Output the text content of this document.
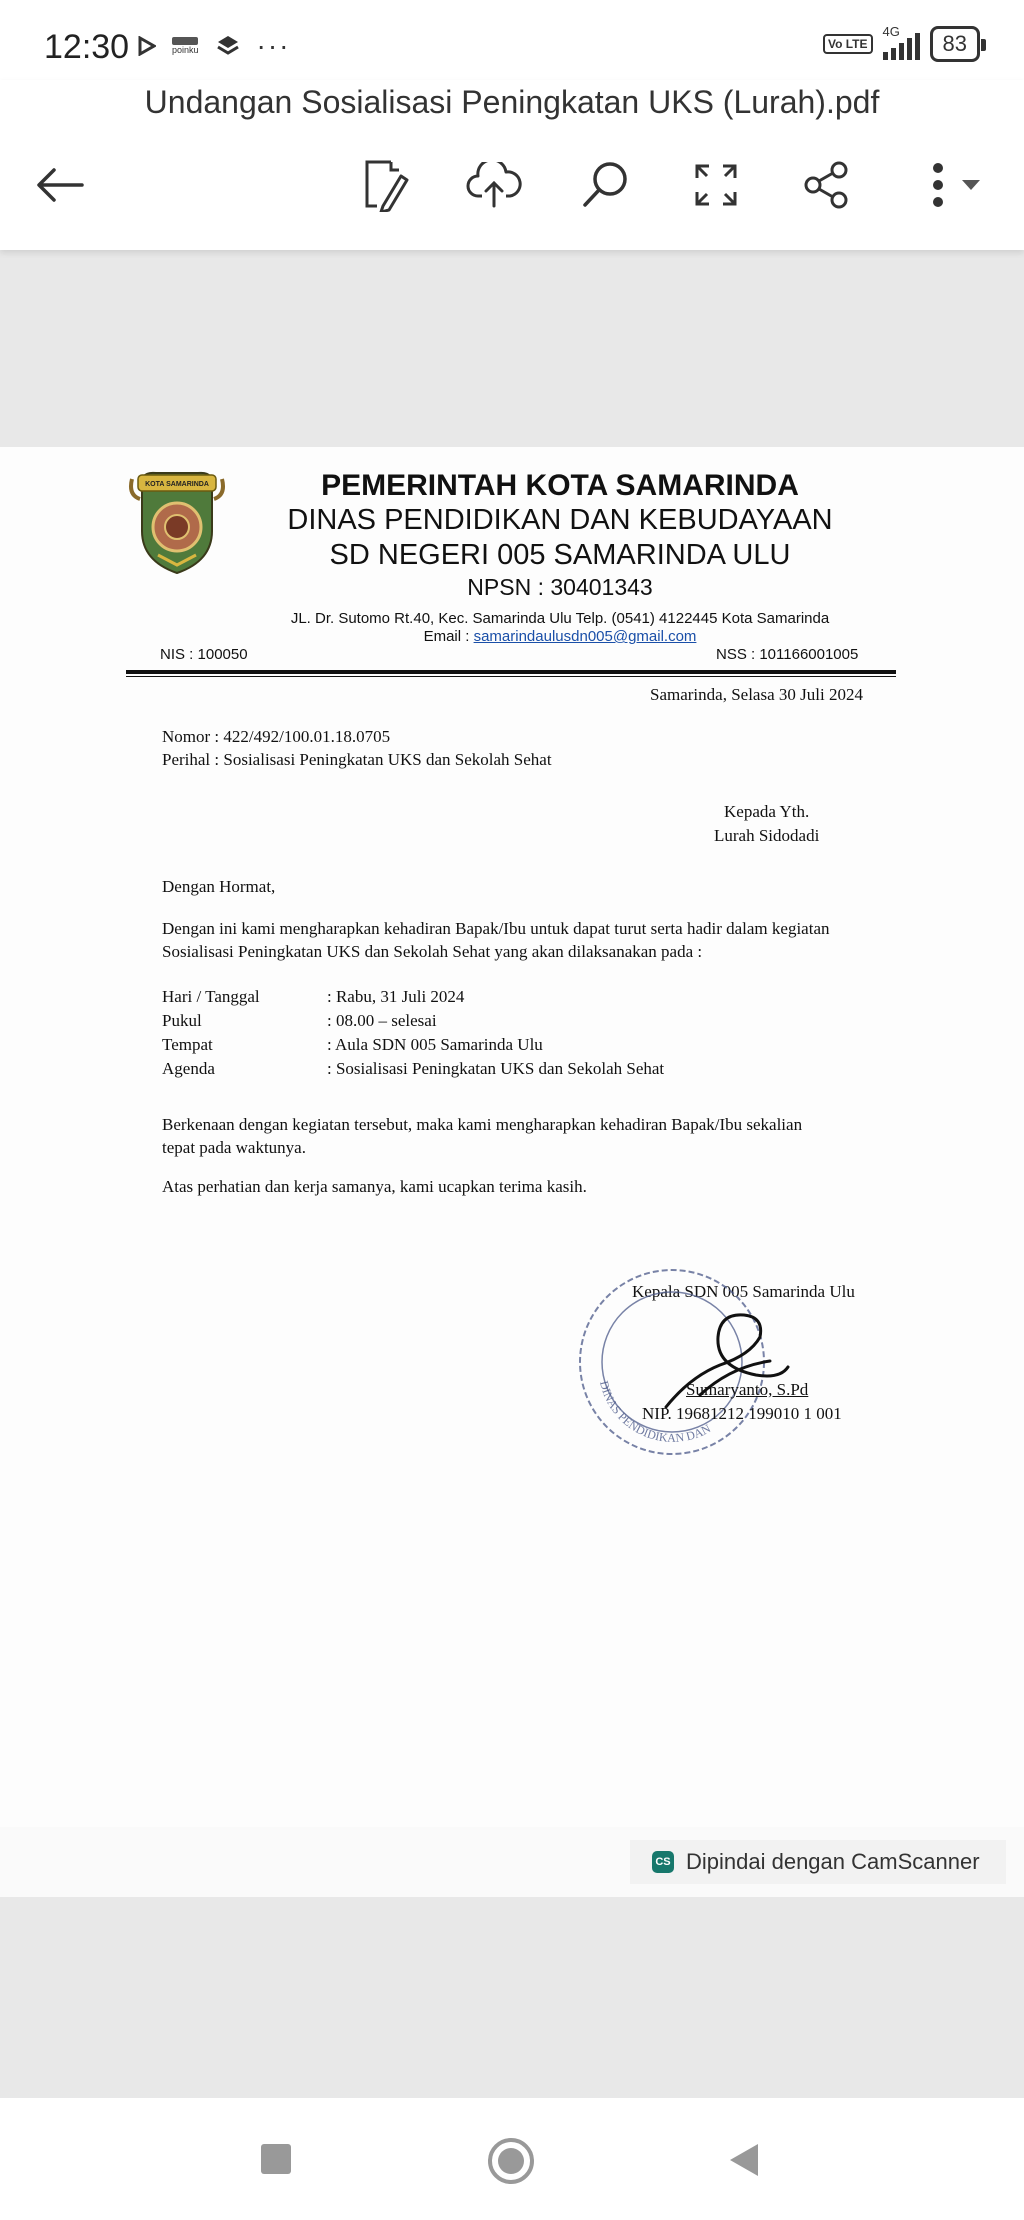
12:30	poinku ···	Vo LTE
4G	83
Undangan Sosialisasi Peningkatan UKS (Lurah).pdf
KOTA SAMARINDA	PEMERINTAH KOTA SAMARINDA
DINAS PENDIDIKAN DAN KEBUDAYAAN
SD NEGERI 005 SAMARINDA ULU
NPSN : 30401343
JL. Dr. Sutomo Rt.40, Kec. Samarinda Ulu Telp. (0541) 4122445 Kota Samarinda
Email : samarindaulusdn005@gmail.com
NIS : 100050	NSS : 101166001005
Samarinda, Selasa 30 Juli 2024
Nomor : 422/492/100.01.18.0705
Perihal : Sosialisasi Peningkatan UKS dan Sekolah Sehat
Kepada Yth.
Lurah Sidodadi
Dengan Hormat,
Dengan ini kami mengharapkan kehadiran Bapak/Ibu untuk dapat turut serta hadir dalam kegiatan
Sosialisasi Peningkatan UKS dan Sekolah Sehat yang akan dilaksanakan pada :
Hari / Tanggal	: Rabu, 31 Juli 2024
Pukul	: 08.00 – selesai
Tempat	: Aula SDN 005 Samarinda Ulu
Agenda	: Sosialisasi Peningkatan UKS dan Sekolah Sehat
Berkenaan dengan kegiatan tersebut, maka kami mengharapkan kehadiran Bapak/Ibu sekalian
tepat pada waktunya.
Atas perhatian dan kerja samanya, kami ucapkan terima kasih.
Kepala SDN 005 Samarinda Ulu
DINAS PENDIDIKAN DAN
Sumaryanto, S.Pd
NIP. 19681212 199010 1 001
CS Dipindai dengan CamScanner
